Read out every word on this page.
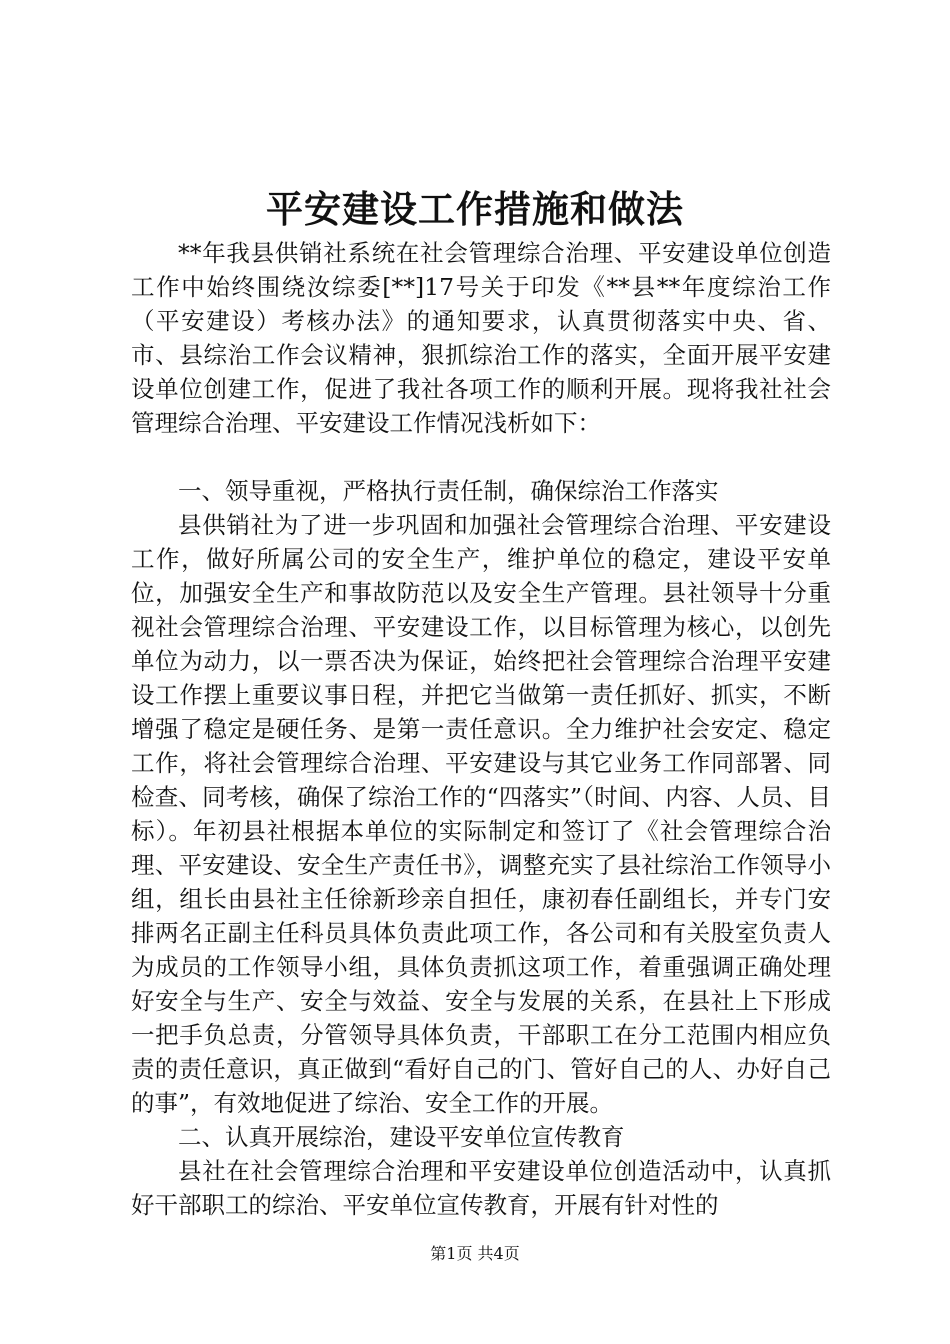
平安建设工作措施和做法

**年我县供销社系统在社会管理综合治理、平安建设单位创造工作中始终围绕汝综委[**]17号关于印发《**县**年度综治工作（平安建设）考核办法》的通知要求，认真贯彻落实中央、省、市、县综治工作会议精神，狠抓综治工作的落实，全面开展平安建设单位创建工作，促进了我社各项工作的顺利开展。现将我社社会管理综合治理、平安建设工作情况浅析如下：

一、领导重视，严格执行责任制，确保综治工作落实

县供销社为了进一步巩固和加强社会管理综合治理、平安建设工作，做好所属公司的安全生产，维护单位的稳定，建设平安单位，加强安全生产和事故防范以及安全生产管理。县社领导十分重视社会管理综合治理、平安建设工作，以目标管理为核心，以创先单位为动力，以一票否决为保证，始终把社会管理综合治理平安建设工作摆上重要议事日程，并把它当做第一责任抓好、抓实，不断增强了稳定是硬任务、是第一责任意识。全力维护社会安定、稳定工作，将社会管理综合治理、平安建设与其它业务工作同部署、同检查、同考核，确保了综治工作的“四落实”（时间、内容、人员、目标）。年初县社根据本单位的实际制定和签订了《社会管理综合治理、平安建设、安全生产责任书》，调整充实了县社综治工作领导小组，组长由县社主任徐新珍亲自担任，康初春任副组长，并专门安排两名正副主任科员具体负责此项工作，各公司和有关股室负责人为成员的工作领导小组，具体负责抓这项工作，着重强调正确处理好安全与生产、安全与效益、安全与发展的关系，在县社上下形成一把手负总责，分管领导具体负责，干部职工在分工范围内相应负责的责任意识，真正做到“看好自己的门、管好自己的人、办好自己的事”，有效地促进了综治、安全工作的开展。

二、认真开展综治，建设平安单位宣传教育

县社在社会管理综合治理和平安建设单位创造活动中，认真抓好干部职工的综治、平安单位宣传教育，开展有针对性的

第1页 共4页
